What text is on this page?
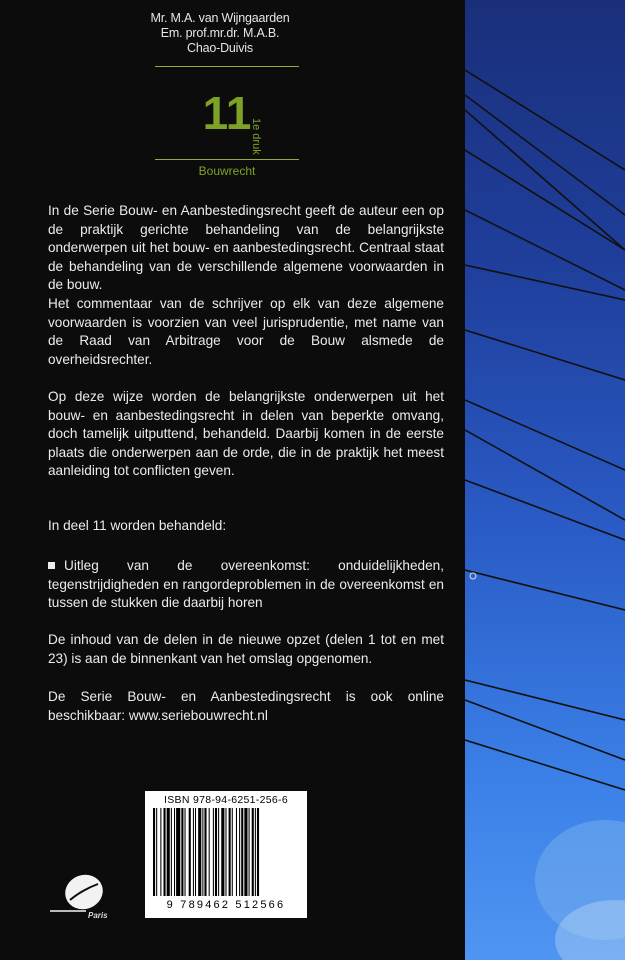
Mr. M.A. van Wijngaarden
Em. prof.mr.dr. M.A.B.
Chao-Duivis
11
1e druk
Bouwrecht
In de Serie Bouw- en Aanbestedingsrecht geeft de auteur een op de praktijk gerichte behandeling van de belangrijkste onderwerpen uit het bouw- en aanbestedingsrecht. Centraal staat de behandeling van de verschillende algemene voorwaarden in de bouw.
Het commentaar van de schrijver op elk van deze algemene voorwaarden is voorzien van veel jurisprudentie, met name van de Raad van Arbitrage voor de Bouw alsmede de overheidsrechter.
Op deze wijze worden de belangrijkste onderwerpen uit het bouw- en aanbestedingsrecht in delen van beperkte omvang, doch tamelijk uitputtend, behandeld. Daarbij komen in de eerste plaats die onderwerpen aan de orde, die in de praktijk het meest aanleiding tot conflicten geven.
In deel 11 worden behandeld:
Uitleg van de overeenkomst: onduidelijkheden, tegenstrijdigheden en rangordeproblemen in de overeenkomst en tussen de stukken die daarbij horen
De inhoud van de delen in de nieuwe opzet (delen 1 tot en met 23) is aan de binnenkant van het omslag opgenomen.
De Serie Bouw- en Aanbestedingsrecht is ook online beschikbaar: www.seriebouwrecht.nl
ISBN 978-94-6251-256-6
9 789462 512566
Paris
